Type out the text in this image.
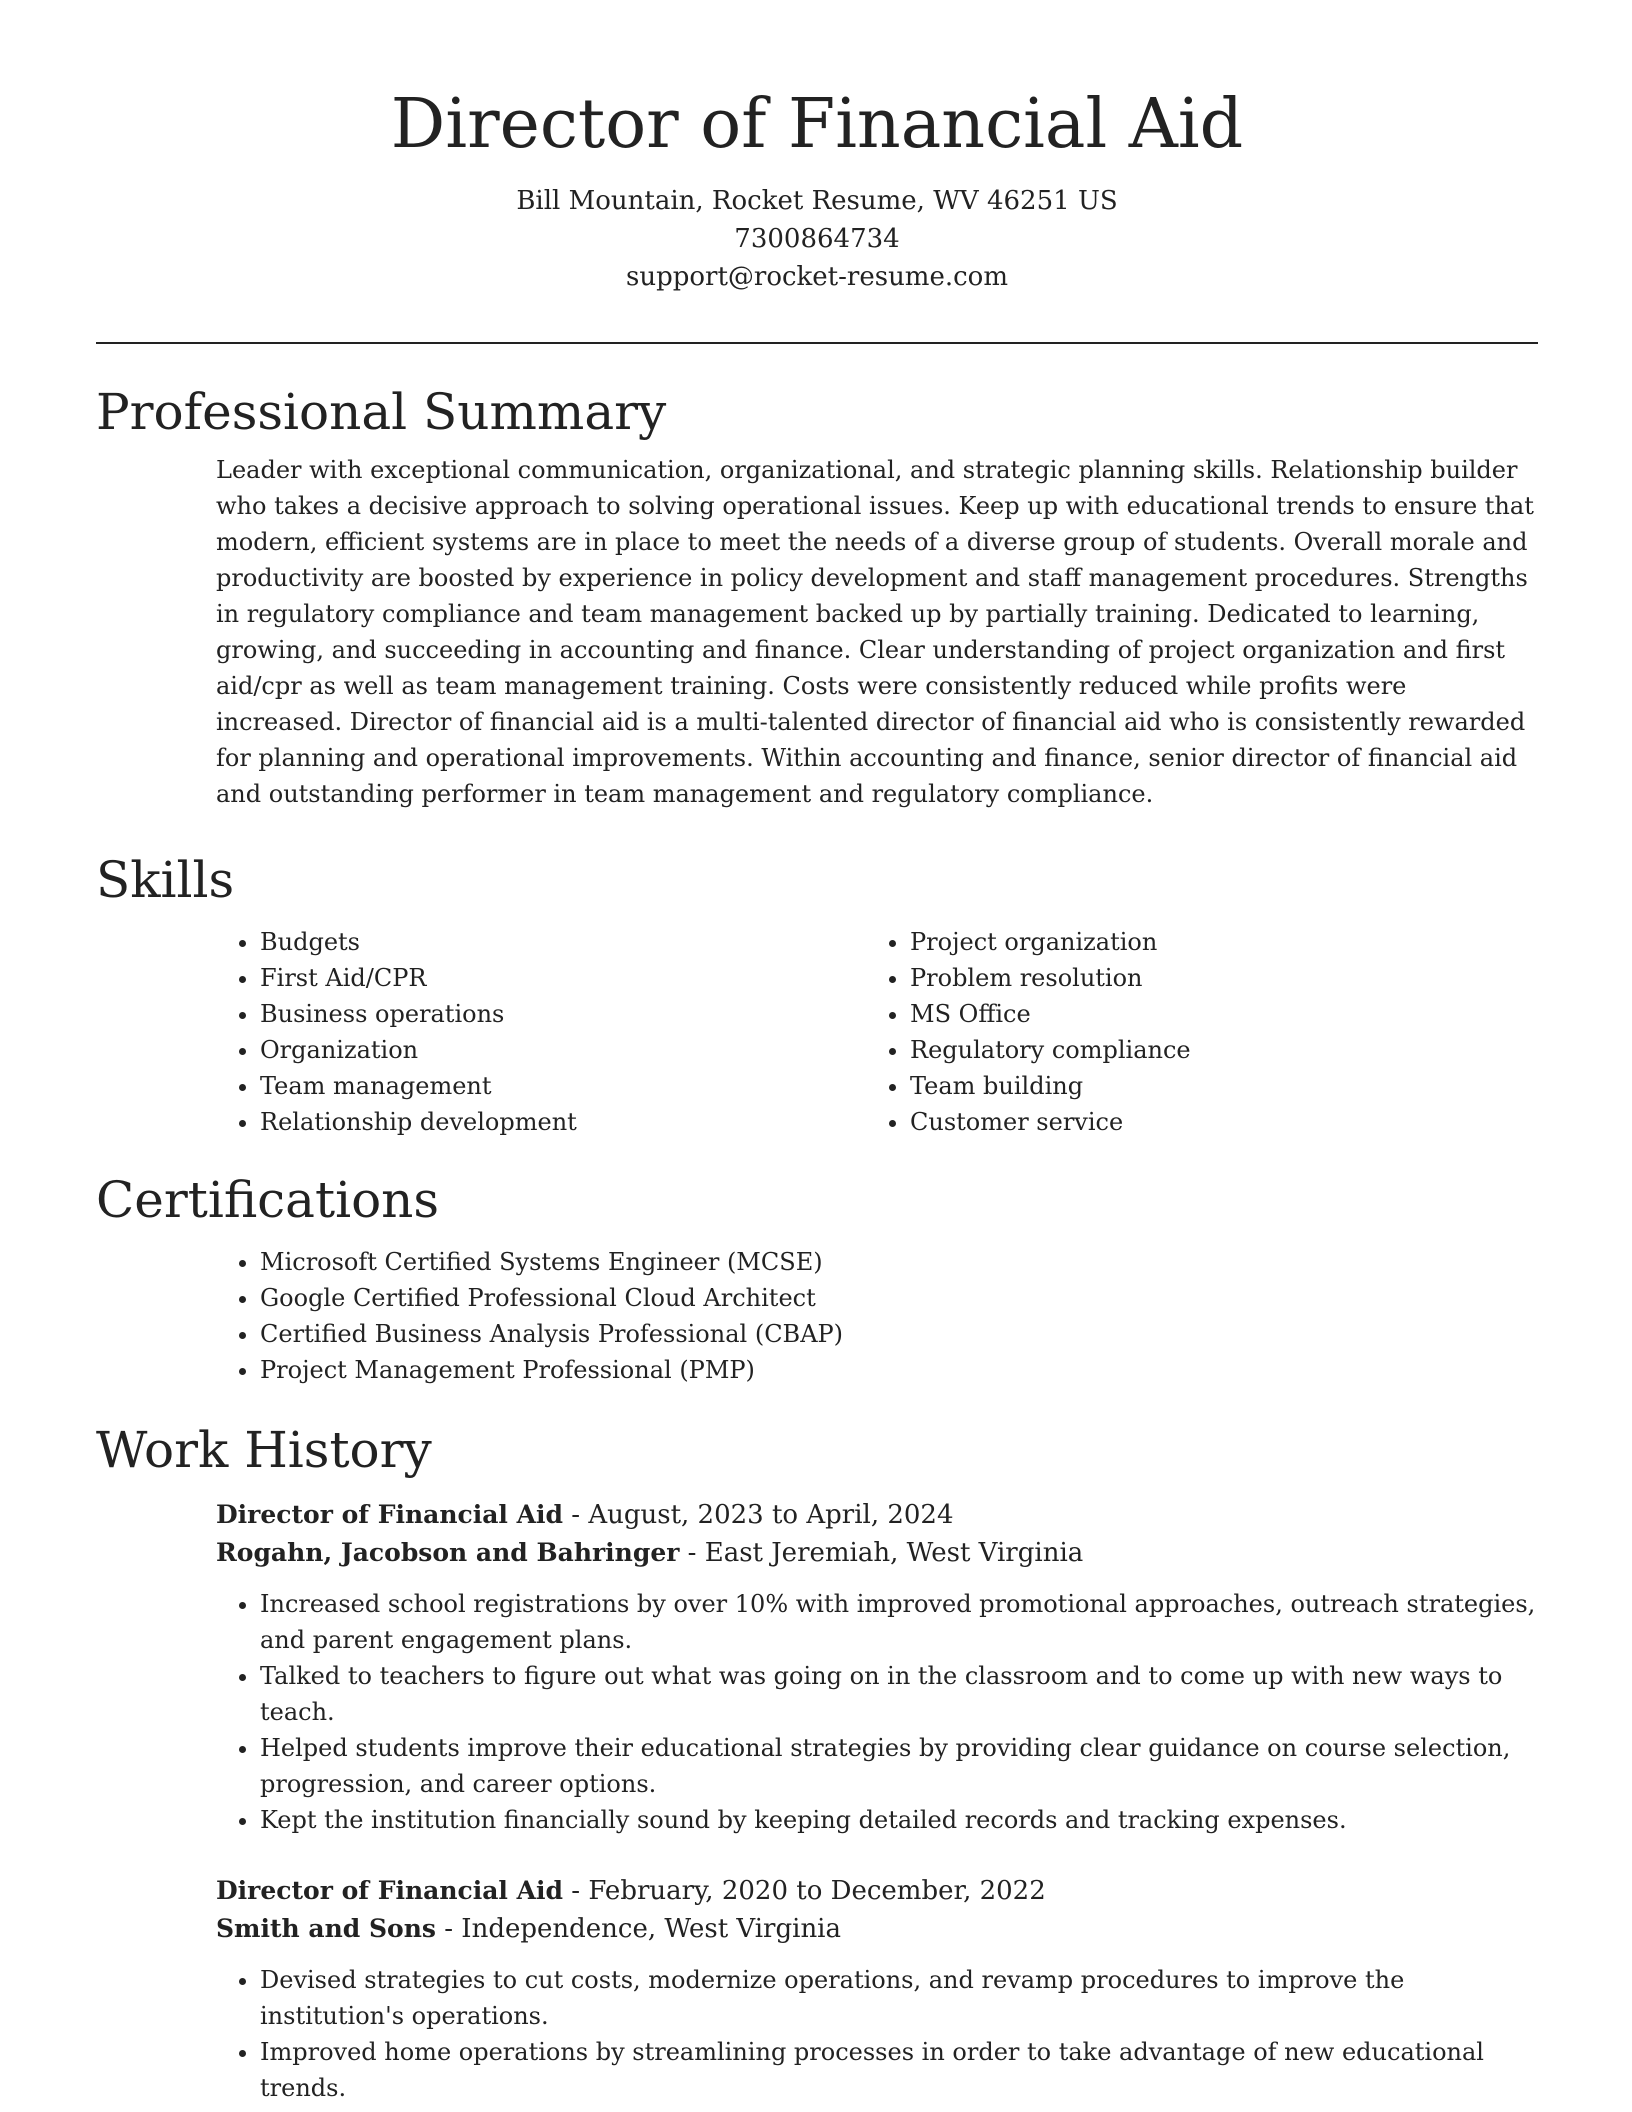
Director of Financial Aid
Bill Mountain, Rocket Resume, WV 46251 US
7300864734
support@rocket-resume.com
Professional Summary
Leader with exceptional communication, organizational, and strategic planning skills. Relationship builder who takes a decisive approach to solving operational issues. Keep up with educational trends to ensure that modern, efficient systems are in place to meet the needs of a diverse group of students. Overall morale and productivity are boosted by experience in policy development and staff management procedures. Strengths in regulatory compliance and team management backed up by partially training. Dedicated to learning, growing, and succeeding in accounting and finance. Clear understanding of project organization and first aid/cpr as well as team management training. Costs were consistently reduced while profits were increased. Director of financial aid is a multi-talented director of financial aid who is consistently rewarded for planning and operational improvements. Within accounting and finance, senior director of financial aid and outstanding performer in team management and regulatory compliance.
Skills
• Budgets
• First Aid/CPR
• Business operations
• Organization
• Team management
• Relationship development
• Project organization
• Problem resolution
• MS Office
• Regulatory compliance
• Team building
• Customer service
Certifications
• Microsoft Certified Systems Engineer (MCSE)
• Google Certified Professional Cloud Architect
• Certified Business Analysis Professional (CBAP)
• Project Management Professional (PMP)
Work History
Director of Financial Aid - August, 2023 to April, 2024
Rogahn, Jacobson and Bahringer - East Jeremiah, West Virginia
• Increased school registrations by over 10% with improved promotional approaches, outreach strategies, and parent engagement plans.
• Talked to teachers to figure out what was going on in the classroom and to come up with new ways to teach.
• Helped students improve their educational strategies by providing clear guidance on course selection, progression, and career options.
• Kept the institution financially sound by keeping detailed records and tracking expenses.
Director of Financial Aid - February, 2020 to December, 2022
Smith and Sons - Independence, West Virginia
• Devised strategies to cut costs, modernize operations, and revamp procedures to improve the institution's operations.
• Improved home operations by streamlining processes in order to take advantage of new educational trends.
